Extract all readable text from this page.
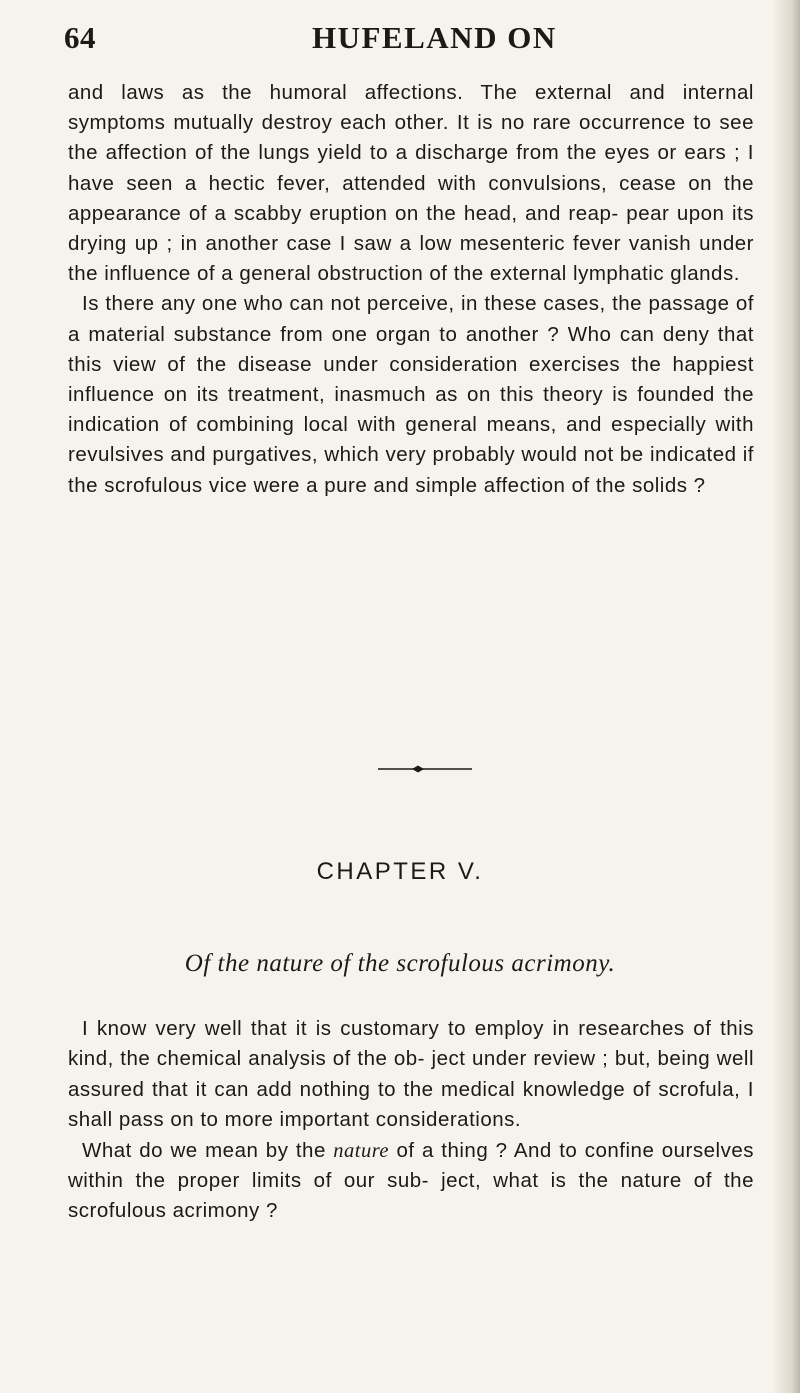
64	HUFELAND ON

and laws as the humoral affections. The external and internal symptoms mutually destroy each other. It is no rare occurrence to see the affection of the lungs yield to a discharge from the eyes or ears ; I have seen a hectic fever, attended with convulsions, cease on the appearance of a scabby eruption on the head, and reap- pear upon its drying up ; in another case I saw a low mesenteric fever vanish under the influence of a general obstruction of the external lymphatic glands.

Is there any one who can not perceive, in these cases, the passage of a material substance from one organ to another ? Who can deny that this view of the disease under consideration exercises the happiest influence on its treatment, inasmuch as on this theory is founded the indication of combining local with general means, and especially with revulsives and purgatives, which very probably would not be indicated if the scrofulous vice were a pure and simple affection of the solids ?

CHAPTER V.
Of the nature of the scrofulous acrimony.

I know very well that it is customary to employ in researches of this kind, the chemical analysis of the ob- ject under review ; but, being well assured that it can add nothing to the medical knowledge of scrofula, I shall pass on to more important considerations.

What do we mean by the nature of a thing ? And to confine ourselves within the proper limits of our sub- ject, what is the nature of the scrofulous acrimony ?
